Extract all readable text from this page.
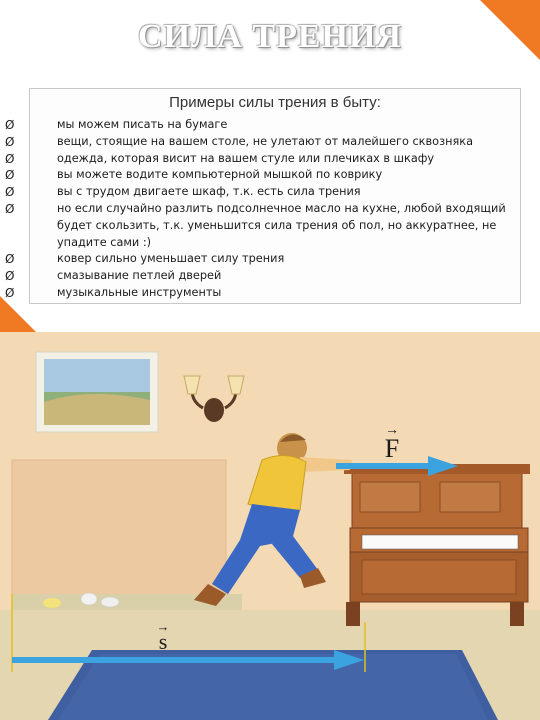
СИЛА ТРЕНИЯ
Примеры силы трения в быту:
Ø	мы можем писать на бумаге
Ø	вещи, стоящие на вашем столе, не улетают от малейшего сквозняка
Ø	одежда, которая висит на вашем стуле или плечиках в шкафу
Ø	вы можете водите компьютерной мышкой по коврику
Ø	вы с трудом двигаете шкаф, т.к. есть сила трения
Ø	но если случайно разлить подсолнечное масло на кухне, любой входящий будет скользить, т.к. уменьшится сила трения об пол, но аккуратнее, не упадите сами :)
Ø	ковер сильно уменьшает силу трения
Ø	смазывание петлей дверей
Ø	музыкальные инструменты
→
F
→
s
